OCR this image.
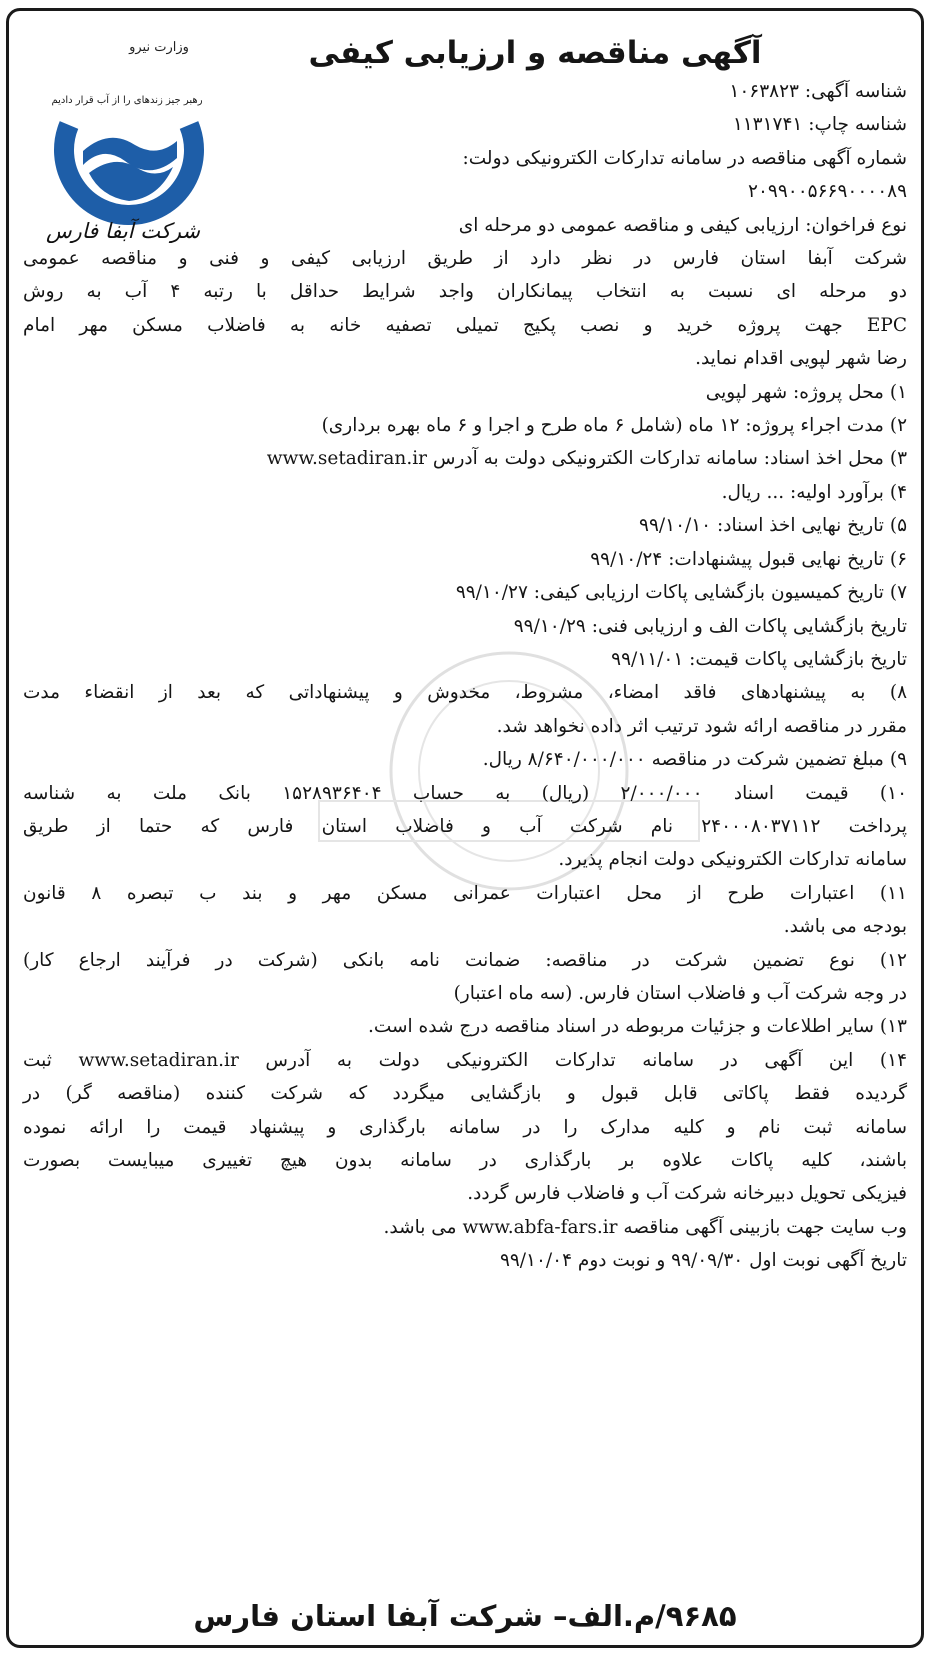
وزارت نیرو
رهبر جیز زندهای را از آب قرار دادیم
شرکت آبفا فارس
آگهی مناقصه و ارزیابی کیفی
شناسه آگهی: ۱۰۶۳۸۲۳
شناسه چاپ: ۱۱۳۱۷۴۱
شماره آگهی مناقصه در سامانه تدارکات الکترونیکی دولت:
۲۰۹۹۰۰۵۶۶۹۰۰۰۰۸۹
نوع فراخوان: ارزیابی کیفی و مناقصه عمومی دو مرحله ای
شرکت آبفا استان فارس در نظر دارد از طریق ارزیابی کیفی و فنی و مناقصه عمومی
دو مرحله ای نسبت به انتخاب پیمانکاران واجد شرایط حداقل با رتبه ۴ آب به روش
EPC جهت پروژه خرید و نصب پکیج تمیلی تصفیه خانه به فاضلاب مسکن مهر امام
رضا شهر لپویی اقدام نماید.
۱) محل پروژه: شهر لپویی
۲) مدت اجراء پروژه: ۱۲ ماه (شامل ۶ ماه طرح و اجرا و ۶ ماه بهره برداری)
۳) محل اخذ اسناد: سامانه تدارکات الکترونیکی دولت به آدرس www.setadiran.ir
۴) برآورد اولیه: ... ریال.
۵) تاریخ نهایی اخذ اسناد: ۹۹/۱۰/۱۰
۶) تاریخ نهایی قبول پیشنهادات: ۹۹/۱۰/۲۴
۷) تاریخ کمیسیون بازگشایی پاکات ارزیابی کیفی: ۹۹/۱۰/۲۷
تاریخ بازگشایی پاکات الف و ارزیابی فنی: ۹۹/۱۰/۲۹
تاریخ بازگشایی پاکات قیمت: ۹۹/۱۱/۰۱
۸) به پیشنهادهای فاقد امضاء، مشروط، مخدوش و پیشنهاداتی که بعد از انقضاء مدت
مقرر در مناقصه ارائه شود ترتیب اثر داده نخواهد شد.
۹) مبلغ تضمین شرکت در مناقصه ۸/۶۴۰/۰۰۰/۰۰۰ ریال.
۱۰) قیمت اسناد ۲/۰۰۰/۰۰۰ (ریال) به حساب ۱۵۲۸۹۳۶۴۰۴ بانک ملت به شناسه
پرداخت ۲۴۰۰۰۸۰۳۷۱۱۲ نام شرکت آب و فاضلاب استان فارس که حتما از طریق
سامانه تدارکات الکترونیکی دولت انجام پذیرد.
۱۱) اعتبارات طرح از محل اعتبارات عمرانی مسکن مهر و بند ب تبصره ۸ قانون
بودجه می باشد.
۱۲) نوع تضمین شرکت در مناقصه: ضمانت نامه بانکی (شرکت در فرآیند ارجاع کار)
در وجه شرکت آب و فاضلاب استان فارس. (سه ماه اعتبار)
۱۳) سایر اطلاعات و جزئیات مربوطه در اسناد مناقصه درج شده است.
۱۴) این آگهی در سامانه تدارکات الکترونیکی دولت به آدرس www.setadiran.ir ثبت
گردیده فقط پاکاتی قابل قبول و بازگشایی میگردد که شرکت کننده (مناقصه گر) در
سامانه ثبت نام و کلیه مدارک را در سامانه بارگذاری و پیشنهاد قیمت را ارائه نموده
باشند، کلیه پاکات علاوه بر بارگذاری در سامانه بدون هیچ تغییری میبایست بصورت
فیزیکی تحویل دبیرخانه شرکت آب و فاضلاب فارس گردد.
وب سایت جهت بازبینی آگهی مناقصه www.abfa-fars.ir می باشد.
تاریخ آگهی نوبت اول ۹۹/۰۹/۳۰ و نوبت دوم ۹۹/۱۰/۰۴
۹۶۸۵/م.الف– شرکت آبفا استان فارس
